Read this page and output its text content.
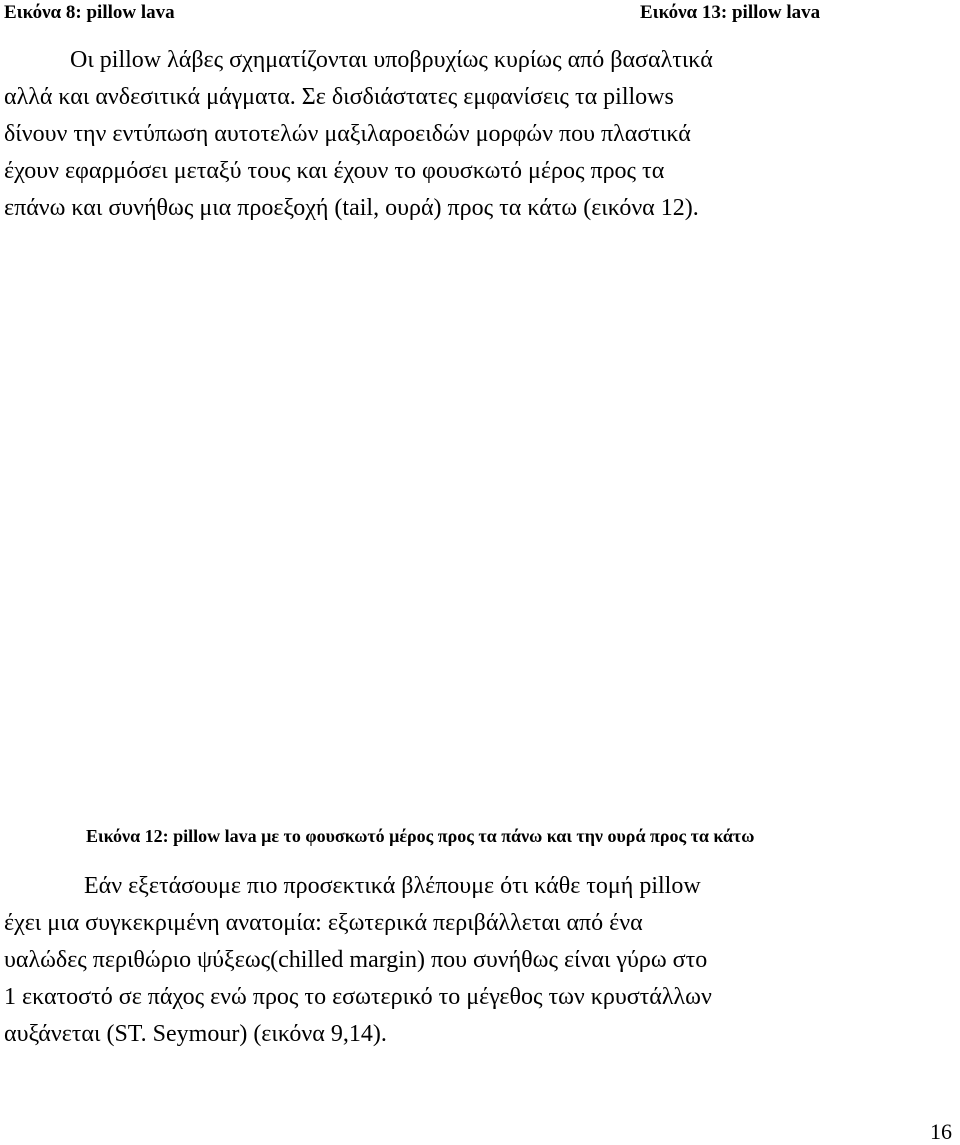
Εικόνα 8: pillow lava	Εικόνα 13: pillow lava

Οι pillow λάβες σχηματίζονται υποβρυχίως κυρίως από βασαλτικά
αλλά και ανδεσιτικά μάγματα. Σε δισδιάστατες εμφανίσεις τα pillows
δίνουν την εντύπωση αυτοτελών μαξιλαροειδών μορφών που πλαστικά
έχουν εφαρμόσει μεταξύ τους και έχουν το φουσκωτό μέρος προς τα
επάνω και συνήθως μια προεξοχή (tail, ουρά) προς τα κάτω (εικόνα 12).

Εικόνα 12: pillow lava με το φουσκωτό μέρος προς τα πάνω και την ουρά προς τα κάτω

Εάν εξετάσουμε πιο προσεκτικά βλέπουμε ότι κάθε τομή pillow
έχει μια συγκεκριμένη ανατομία: εξωτερικά περιβάλλεται από ένα
υαλώδες περιθώριο ψύξεως(chilled margin) που συνήθως είναι γύρω στο
1 εκατοστό σε πάχος ενώ προς το εσωτερικό το μέγεθος των κρυστάλλων
αυξάνεται (ST. Seymour) (εικόνα 9,14).

16
